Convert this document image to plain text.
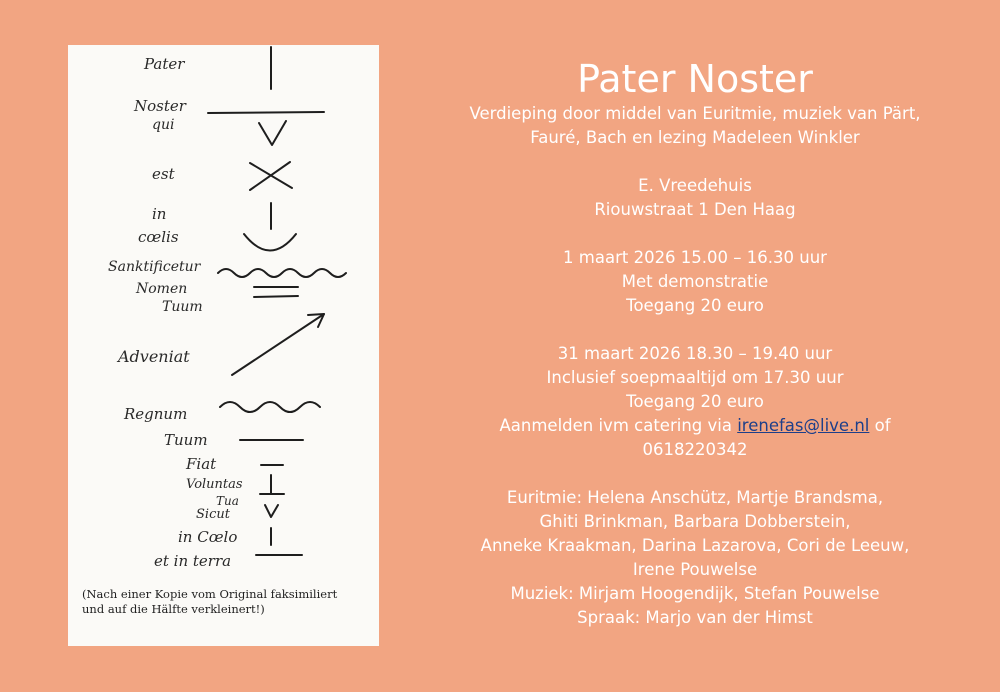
Pater
Noster
qui
est
in
cœlis
Sanktificetur
Nomen
Tuum
Adveniat
Regnum
Tuum
Fiat
Voluntas
Tua
Sicut
in Cœlo
et in terra
(Nach einer Kopie vom Original faksimiliert
und auf die Hälfte verkleinert!)
Pater Noster
Verdieping door middel van Euritmie, muziek van Pärt,
Fauré, Bach en lezing Madeleen Winkler
E. Vreedehuis
Riouwstraat 1 Den Haag
1 maart 2026 15.00 – 16.30 uur
Met demonstratie
Toegang 20 euro
31 maart 2026 18.30 – 19.40 uur
Inclusief soepmaaltijd om 17.30 uur
Toegang 20 euro
Aanmelden ivm catering via irenefas@live.nl of
0618220342
Euritmie: Helena Anschütz, Martje Brandsma,
Ghiti Brinkman, Barbara Dobberstein,
Anneke Kraakman, Darina Lazarova, Cori de Leeuw,
Irene Pouwelse
Muziek: Mirjam Hoogendijk, Stefan Pouwelse
Spraak: Marjo van der Himst
